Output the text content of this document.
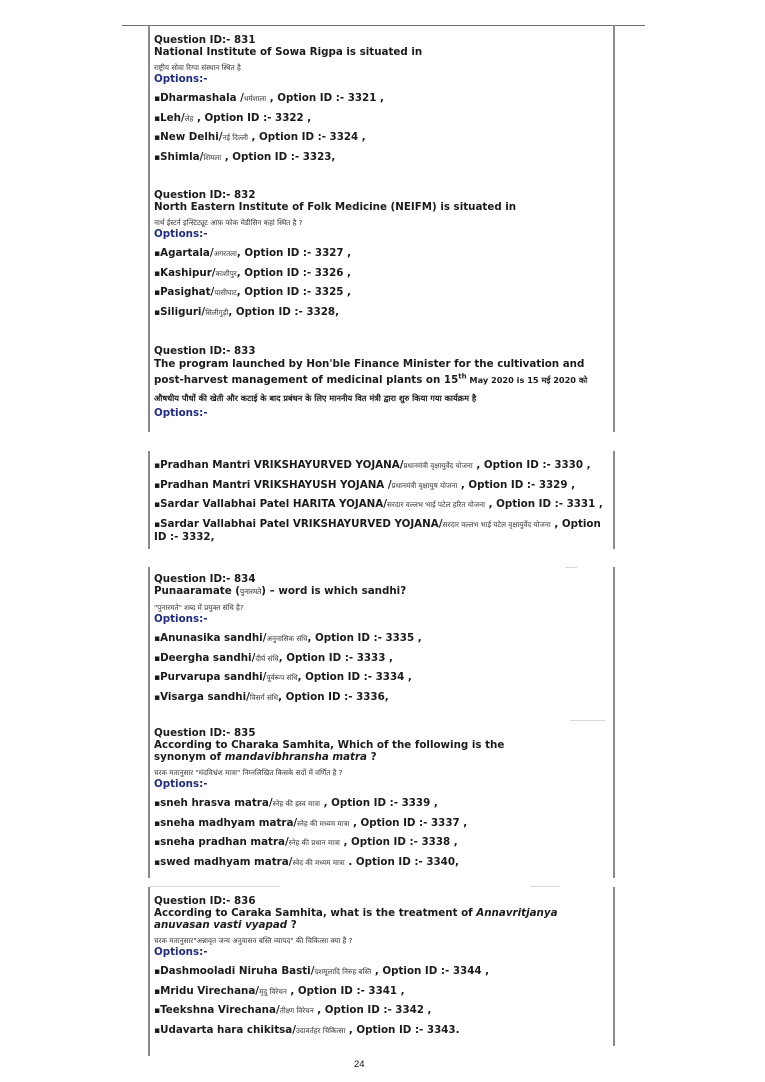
Question ID:- 831
National Institute of Sowa Rigpa is situated in
राष्ट्रीय सोवा रिग्पा संस्थान स्थित है
Options:-
▪Dharmashala /धर्मशाला , Option ID :- 3321 ,
▪Leh/लेह , Option ID :- 3322 ,
▪New Delhi/नई दिल्ली , Option ID :- 3324 ,
▪Shimla/शिमला , Option ID :- 3323,
Question ID:- 832
North Eastern Institute of Folk Medicine (NEIFM) is situated in
नार्थ ईस्टर्न इन्स्टिट्यूट आफ़ फोक मेडीसिन कहां स्थित है ?
Options:-
▪Agartala/अगरतला, Option ID :- 3327 ,
▪Kashipur/काशीपुर, Option ID :- 3326 ,
▪Pasighat/पासीघाट, Option ID :- 3325 ,
▪Siliguri/सिलीगुड़ी, Option ID :- 3328,
Question ID:- 833
The program launched by Hon'ble Finance Minister for the cultivation and post-harvest management of medicinal plants on 15th May 2020 is 15 मई 2020 को औषधीय पौधों की खेती और कटाई के बाद प्रबंधन के लिए माननीय वित मंत्री द्वारा शुरु किया गया कार्यक्रम है
Options:-
▪Pradhan Mantri VRIKSHAYURVED YOJANA/प्रधानमंत्री वृक्षायुर्वेद योजना , Option ID :- 3330 ,
▪Pradhan Mantri VRIKSHAYUSH YOJANA /प्रधानमंत्री वृक्षायुष योजना , Option ID :- 3329 ,
▪Sardar Vallabhai Patel HARITA YOJANA/सरदार वल्लभ भाई पटेल हरित योजना , Option ID :- 3331 ,
▪Sardar Vallabhai Patel VRIKSHAYURVED YOJANA/सरदार वल्लभ भाई पटेल वृक्षायुर्वेद योजना , Option ID :- 3332,
Question ID:- 834
Punaaramate (पुनारमते) – word is which sandhi?
"पुनारमते" शब्द में प्रयुक्त संधि है?
Options:-
▪Anunasika sandhi/अनुनासिक संधि, Option ID :- 3335 ,
▪Deergha sandhi/दीर्घ संधि, Option ID :- 3333 ,
▪Purvarupa sandhi/पूर्वरूप संधि, Option ID :- 3334 ,
▪Visarga sandhi/विसर्ग संधि, Option ID :- 3336,
Question ID:- 835
According to Charaka Samhita, Which of the following is the synonym of mandavibhransha matra ?
चरक मतानुसार "मंदविभ्रंश मात्रा" निम्नलिखित किसके सदों में वर्णित है ?
Options:-
▪sneh hrasva matra/स्नेह की ह्रस्व मात्रा , Option ID :- 3339 ,
▪sneha madhyam matra/स्नेह की मध्यम मात्रा , Option ID :- 3337 ,
▪sneha pradhan matra/स्नेह की प्रधान मात्रा , Option ID :- 3338 ,
▪swed madhyam matra/स्वेद की मध्यम मात्रा . Option ID :- 3340,
Question ID:- 836
According to Caraka Samhita, what is the treatment of Annavritjanya anuvasan vasti vyapad ?
चरक मतानुसार"अन्नावृत जन्य अनुवासन बस्ति व्यापद" की चिकित्सा क्या है ?
Options:-
▪Dashmooladi Niruha Basti/दशमूलादि निरुह बस्ति , Option ID :- 3344 ,
▪Mridu Virechana/मृदु विरेचन , Option ID :- 3341 ,
▪Teekshna Virechana/तीक्ष्ण विरेचन , Option ID :- 3342 ,
▪Udavarta hara chikitsa/उदावर्तहर चिकित्सा , Option ID :- 3343.
24
